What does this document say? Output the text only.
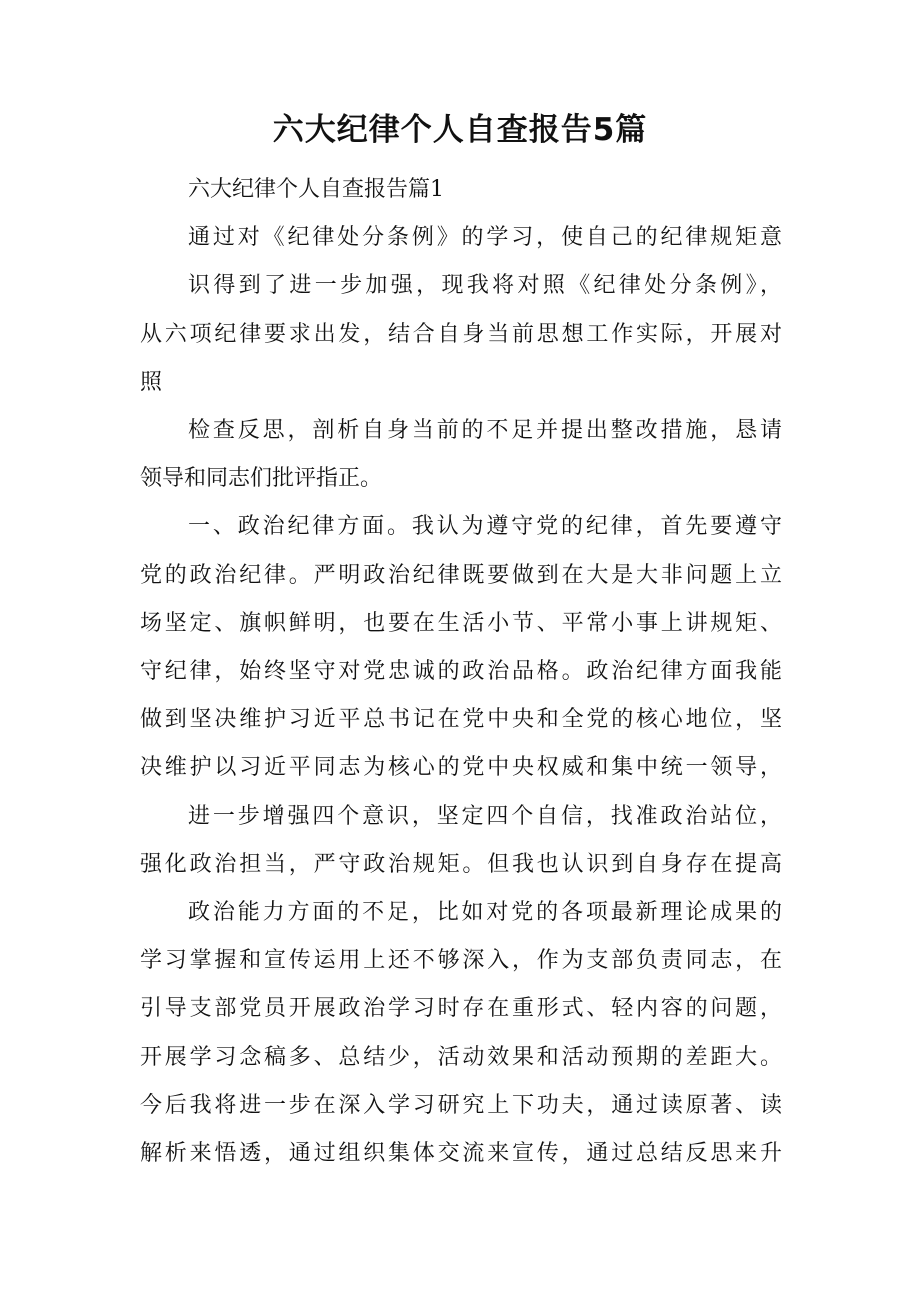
六大纪律个人自查报告5篇
六大纪律个人自查报告篇1
通过对《纪律处分条例》的学习，使自己的纪律规矩意
识得到了进一步加强，现我将对照《纪律处分条例》，
从六项纪律要求出发，结合自身当前思想工作实际，开展对
照
检查反思，剖析自身当前的不足并提出整改措施，恳请
领导和同志们批评指正。
一、政治纪律方面。我认为遵守党的纪律，首先要遵守
党的政治纪律。严明政治纪律既要做到在大是大非问题上立
场坚定、旗帜鲜明，也要在生活小节、平常小事上讲规矩、
守纪律，始终坚守对党忠诚的政治品格。政治纪律方面我能
做到坚决维护习近平总书记在党中央和全党的核心地位，坚
决维护以习近平同志为核心的党中央权威和集中统一领导，
进一步增强四个意识，坚定四个自信，找准政治站位，
强化政治担当，严守政治规矩。但我也认识到自身存在提高
政治能力方面的不足，比如对党的各项最新理论成果的
学习掌握和宣传运用上还不够深入，作为支部负责同志，在
引导支部党员开展政治学习时存在重形式、轻内容的问题，
开展学习念稿多、总结少，活动效果和活动预期的差距大。
今后我将进一步在深入学习研究上下功夫，通过读原著、读
解析来悟透，通过组织集体交流来宣传，通过总结反思来升
